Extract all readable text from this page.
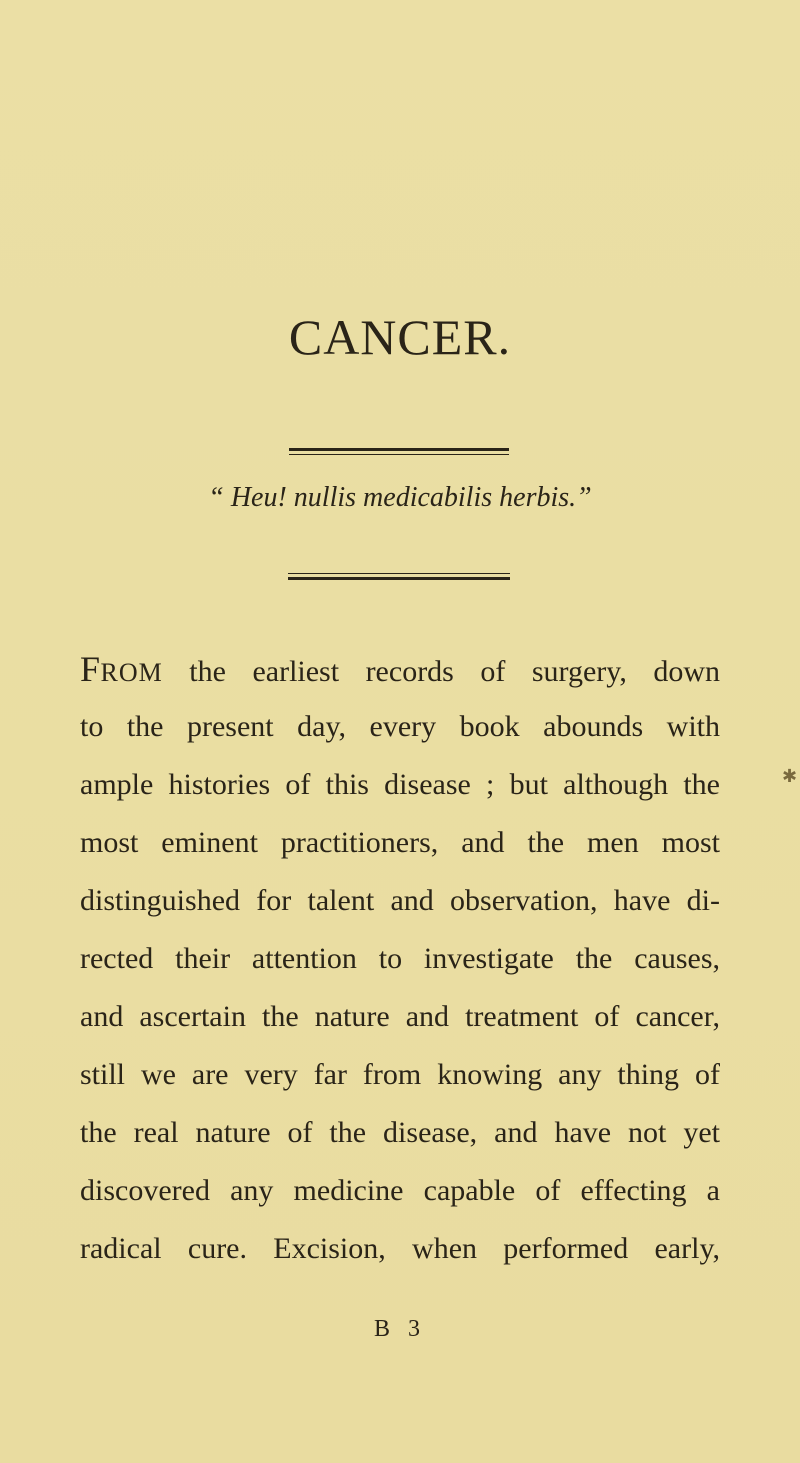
CANCER.
“ Heu! nullis medicabilis herbis.”
FROM the earliest records of surgery, down
to the present day, every book abounds with
ample histories of this disease ; but although the
most eminent practitioners, and the men most
distinguished for talent and observation, have di-
rected their attention to investigate the causes,
and ascertain the nature and treatment of cancer,
still we are very far from knowing any thing of
the real nature of the disease, and have not yet
discovered any medicine capable of effecting a
radical cure. Excision, when performed early,
B 3
✱
